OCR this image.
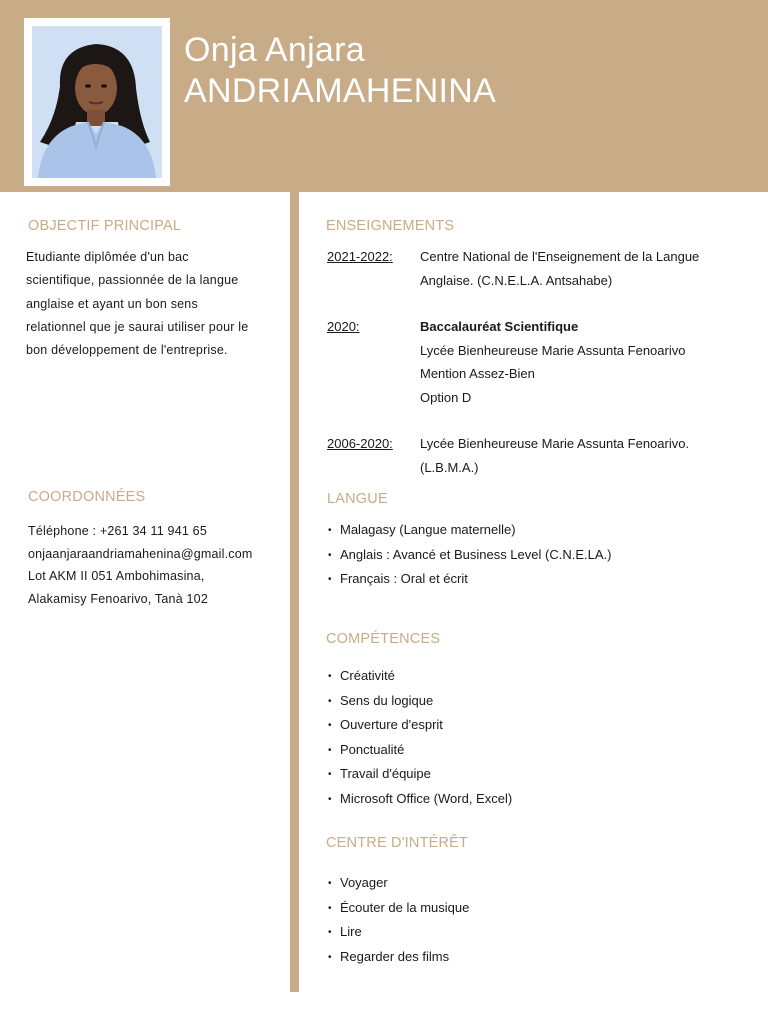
Onja Anjara
ANDRIAMAHENINA
OBJECTIF PRINCIPAL
Etudiante diplômée d'un bac
scientifique, passionnée de la langue
anglaise et ayant un bon sens
relationnel que je saurai utiliser pour le
bon développement de l'entreprise.
COORDONNÉES
Téléphone : +261 34 11 941 65
onjaanjaraandriamahenina@gmail.com
Lot AKM II 051 Ambohimasina,
Alakamisy Fenoarivo, Tanà 102
ENSEIGNEMENTS
2021-2022: Centre National de l'Enseignement de la Langue
Anglaise. (C.N.E.L.A. Antsahabe)
2020:	Baccalauréat Scientifique
Lycée Bienheureuse Marie Assunta Fenoarivo
Mention Assez-Bien
Option D
2006-2020: Lycée Bienheureuse Marie Assunta Fenoarivo.
(L.B.M.A.)
LANGUE
• Malagasy (Langue maternelle)
• Anglais : Avancé et Business Level (C.N.E.LA.)
• Français : Oral et écrit
COMPÉTENCES
• Créativité
• Sens du logique
• Ouverture d'esprit
• Ponctualité
• Travail d'équipe
• Microsoft Office (Word, Excel)
CENTRE D'INTÉRÊT
• Voyager
• Écouter de la musique
• Lire
• Regarder des films
